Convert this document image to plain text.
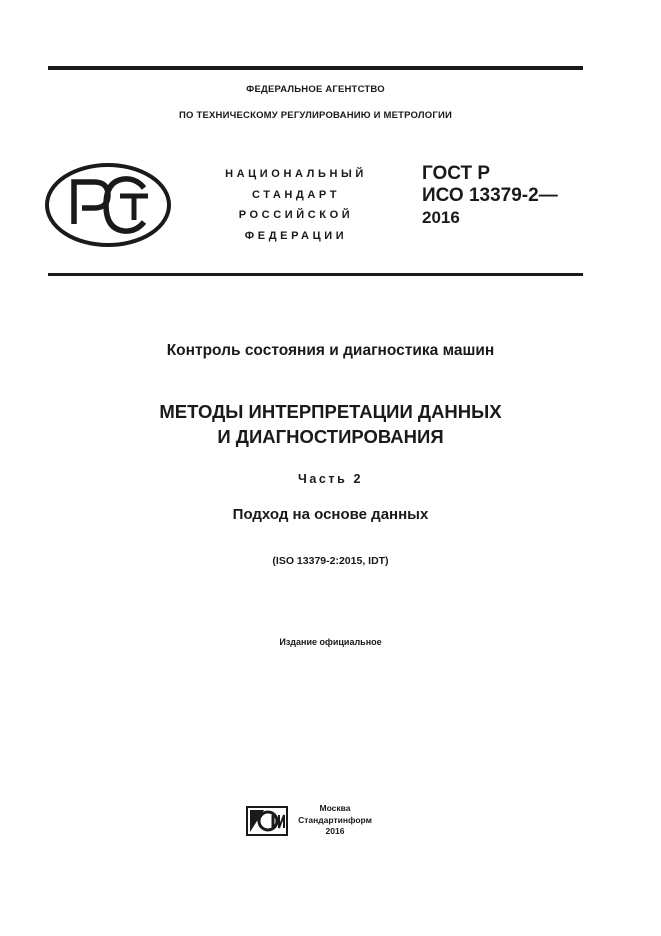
ФЕДЕРАЛЬНОЕ АГЕНТСТВО
ПО ТЕХНИЧЕСКОМУ РЕГУЛИРОВАНИЮ И МЕТРОЛОГИИ
НАЦИОНАЛЬНЫЙ
СТАНДАРТ
РОССИЙСКОЙ
ФЕДЕРАЦИИ
ГОСТ Р
ИСО 13379-2—
2016
Контроль состояния и диагностика машин
МЕТОДЫ ИНТЕРПРЕТАЦИИ ДАННЫХ
И ДИАГНОСТИРОВАНИЯ
Часть 2
Подход на основе данных
(ISO 13379-2:2015, IDT)
Издание официальное
Москва
Стандартинформ
2016
